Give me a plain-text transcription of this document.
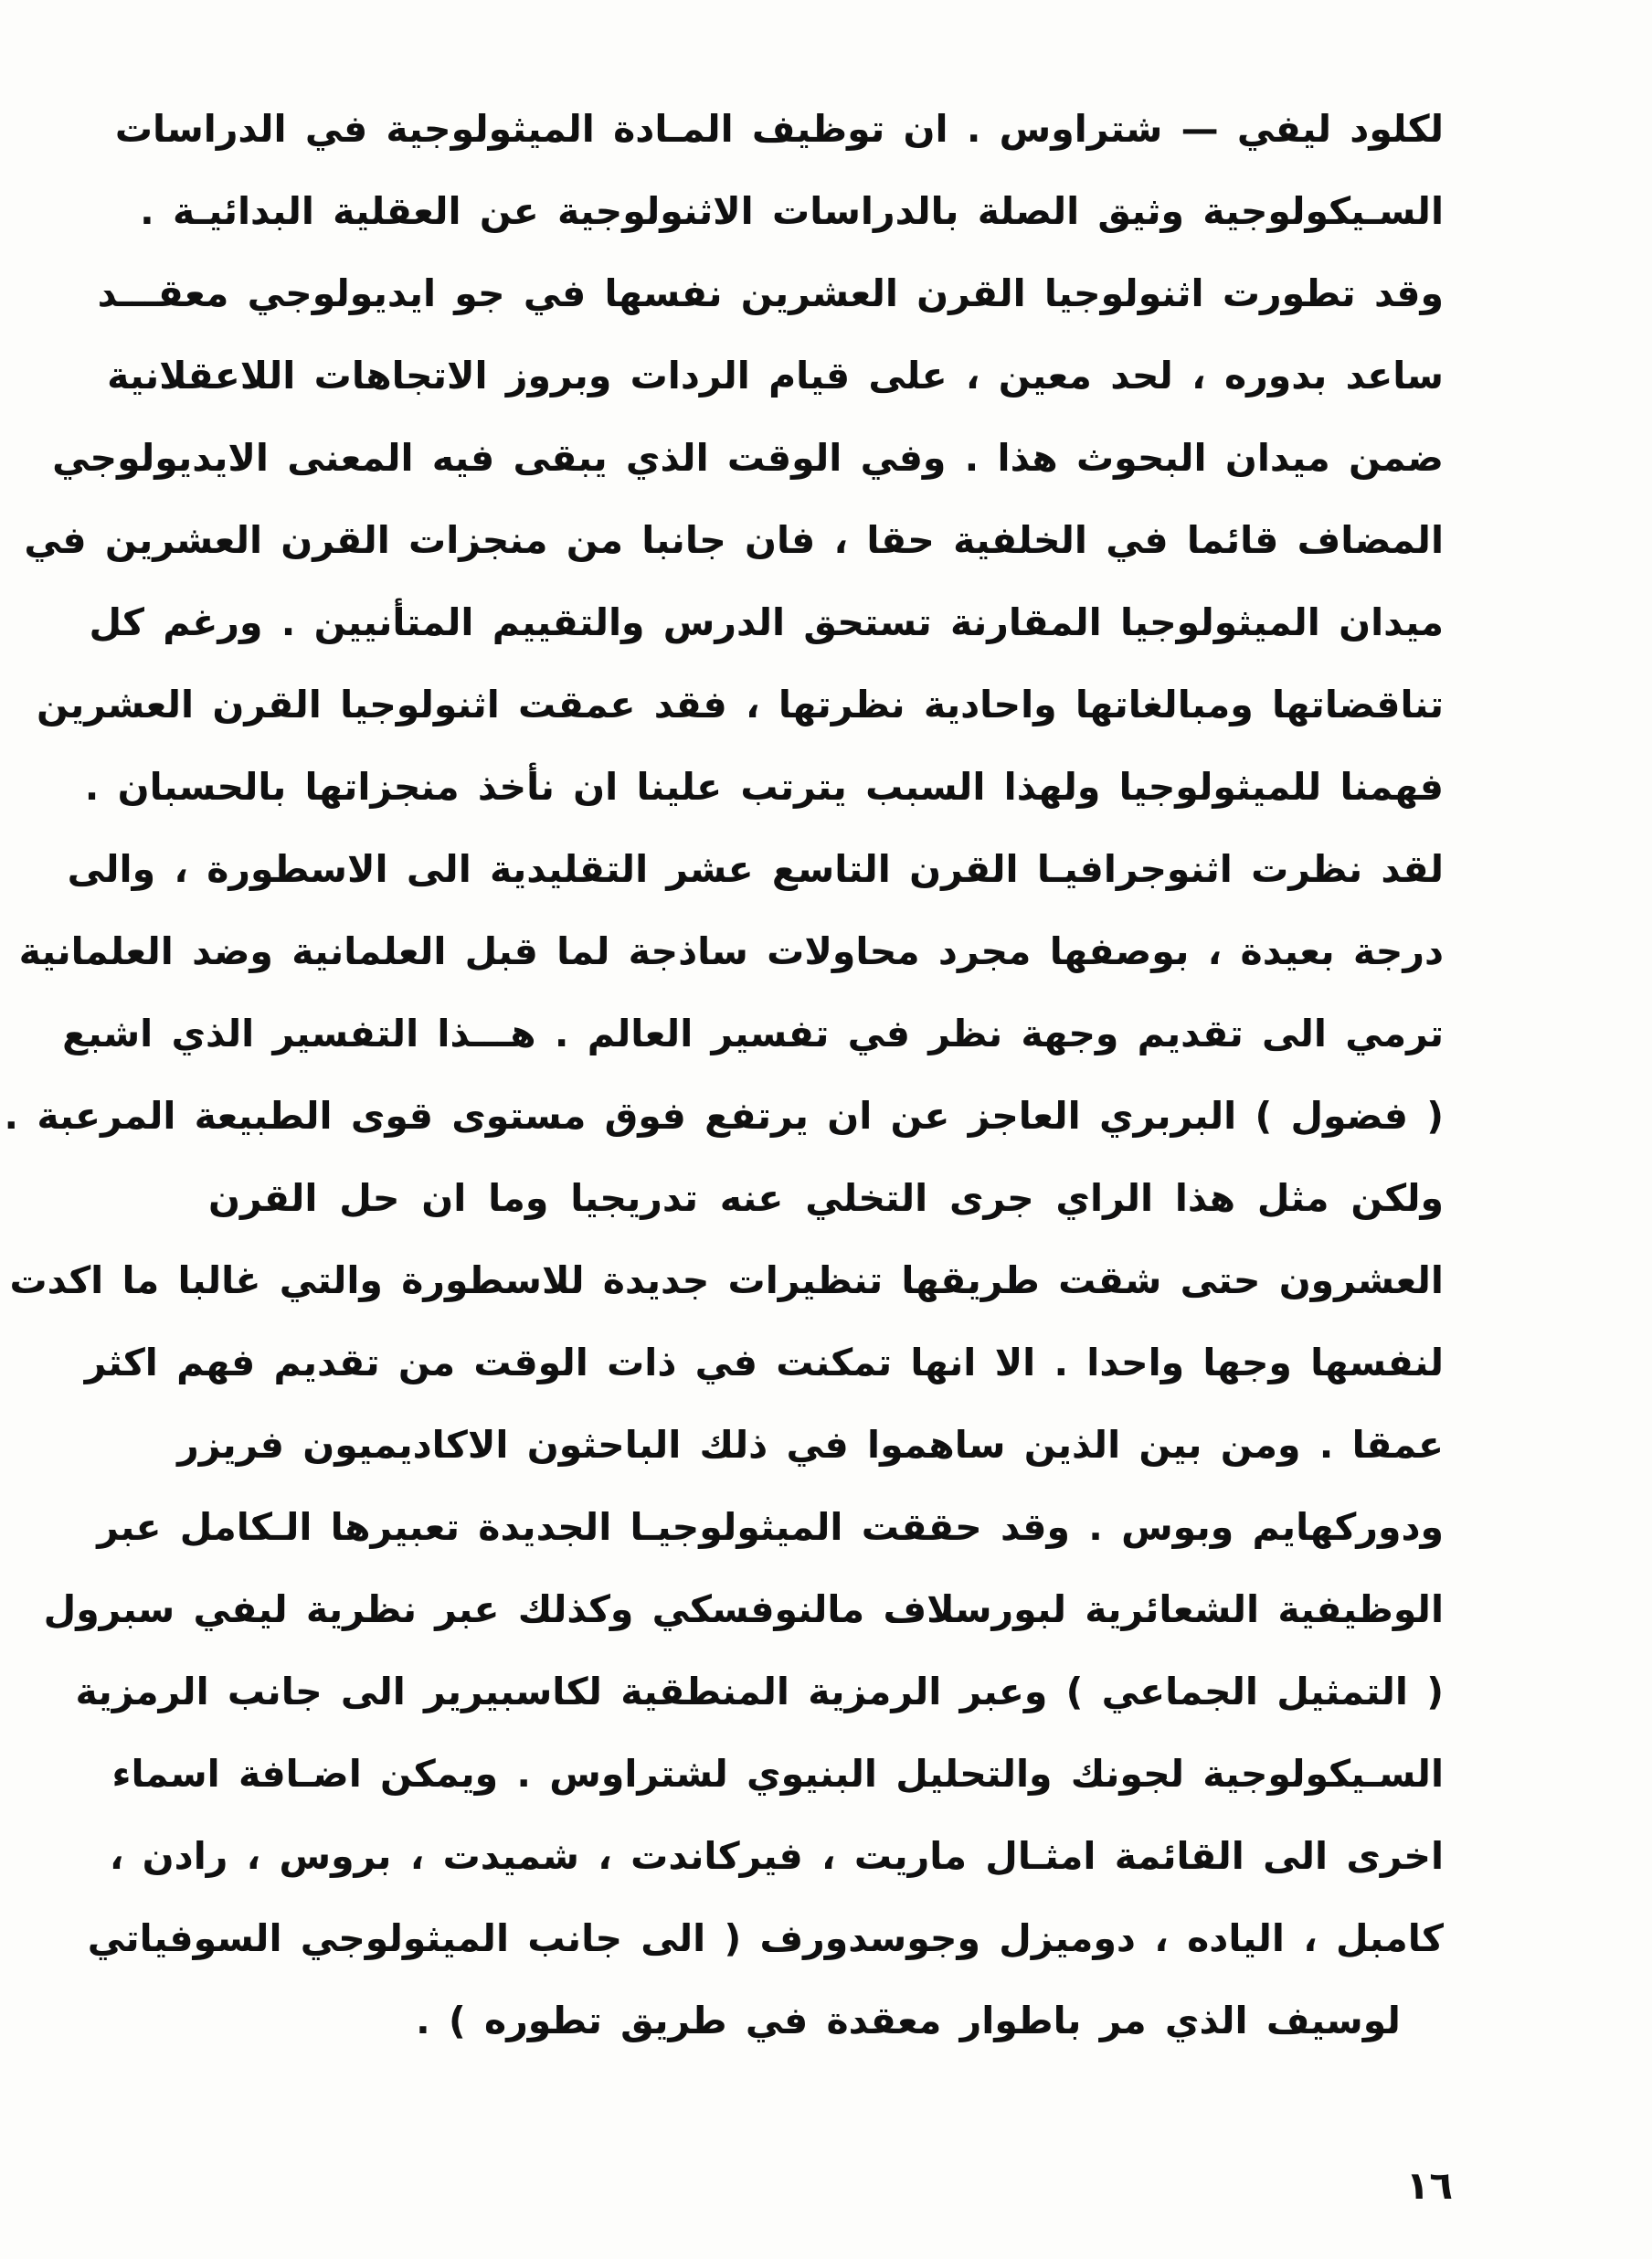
لكلود ليفي — شتراوس . ان توظيف المـادة الميثولوجية في الدراسات
السـيكولوجية وثيق الصلة بالدراسات الاثنولوجية عن العقلية البدائيـة .
وقد تطورت اثنولوجيا القرن العشرين نفسها في جو ايديولوجي معقـــد
ساعد بدوره ، لحد معين ، على قيام الردات وبروز الاتجاهات اللاعقلانية
ضمن ميدان البحوث هذا . وفي الوقت الذي يبقى فيه المعنى الايديولوجي
المضاف قائما في الخلفية حقا ، فان جانبا من منجزات القرن العشرين في
ميدان الميثولوجيا المقارنة تستحق الدرس والتقييم المتأنيين . ورغم كل
تناقضاتها ومبالغاتها واحادية نظرتها ، فقد عمقت اثنولوجيا القرن العشرين
فهمنا للميثولوجيا ولهذا السبب يترتب علينا ان نأخذ منجزاتها بالحسبان .
لقد نظرت اثنوجرافيـا القرن التاسع عشر التقليدية الى الاسطورة ، والى
درجة بعيدة ، بوصفها مجرد محاولات ساذجة لما قبل العلمانية وضد العلمانية
ترمي الى تقديم وجهة نظر في تفسير العالم . هـــذا التفسير الذي اشبع
( فضول ) البربري العاجز عن ان يرتفع فوق مستوى قوى الطبيعة المرعبة .
ولكن مثل هذا الراي جرى التخلي عنه تدريجيا وما ان حل القرن
العشرون حتى شقت طريقها تنظيرات جديدة للاسطورة والتي غالبا ما اكدت
لنفسها وجها واحدا . الا انها تمكنت في ذات الوقت من تقديم فهم اكثر
عمقا . ومن بين الذين ساهموا في ذلك الباحثون الاكاديميون فريزر
ودوركهايم وبوس . وقد حققت الميثولوجيـا الجديدة تعبيرها الـكامل عبر
الوظيفية الشعائرية لبورسلاف مالنوفسكي وكذلك عبر نظرية ليفي سبرول
( التمثيل الجماعي ) وعبر الرمزية المنطقية لكاسبيرير الى جانب الرمزية
السـيكولوجية لجونك والتحليل البنيوي لشتراوس . ويمكن اضـافة اسماء
اخرى الى القائمة امثـال ماريت ، فيركاندت ، شميدت ، بروس ، رادن ،
كامبل ، الياده ، دوميزل وجوسدورف ( الى جانب الميثولوجي السوفياتي
لوسيف الذي مر باطوار معقدة في طريق تطوره ) .
١٦
